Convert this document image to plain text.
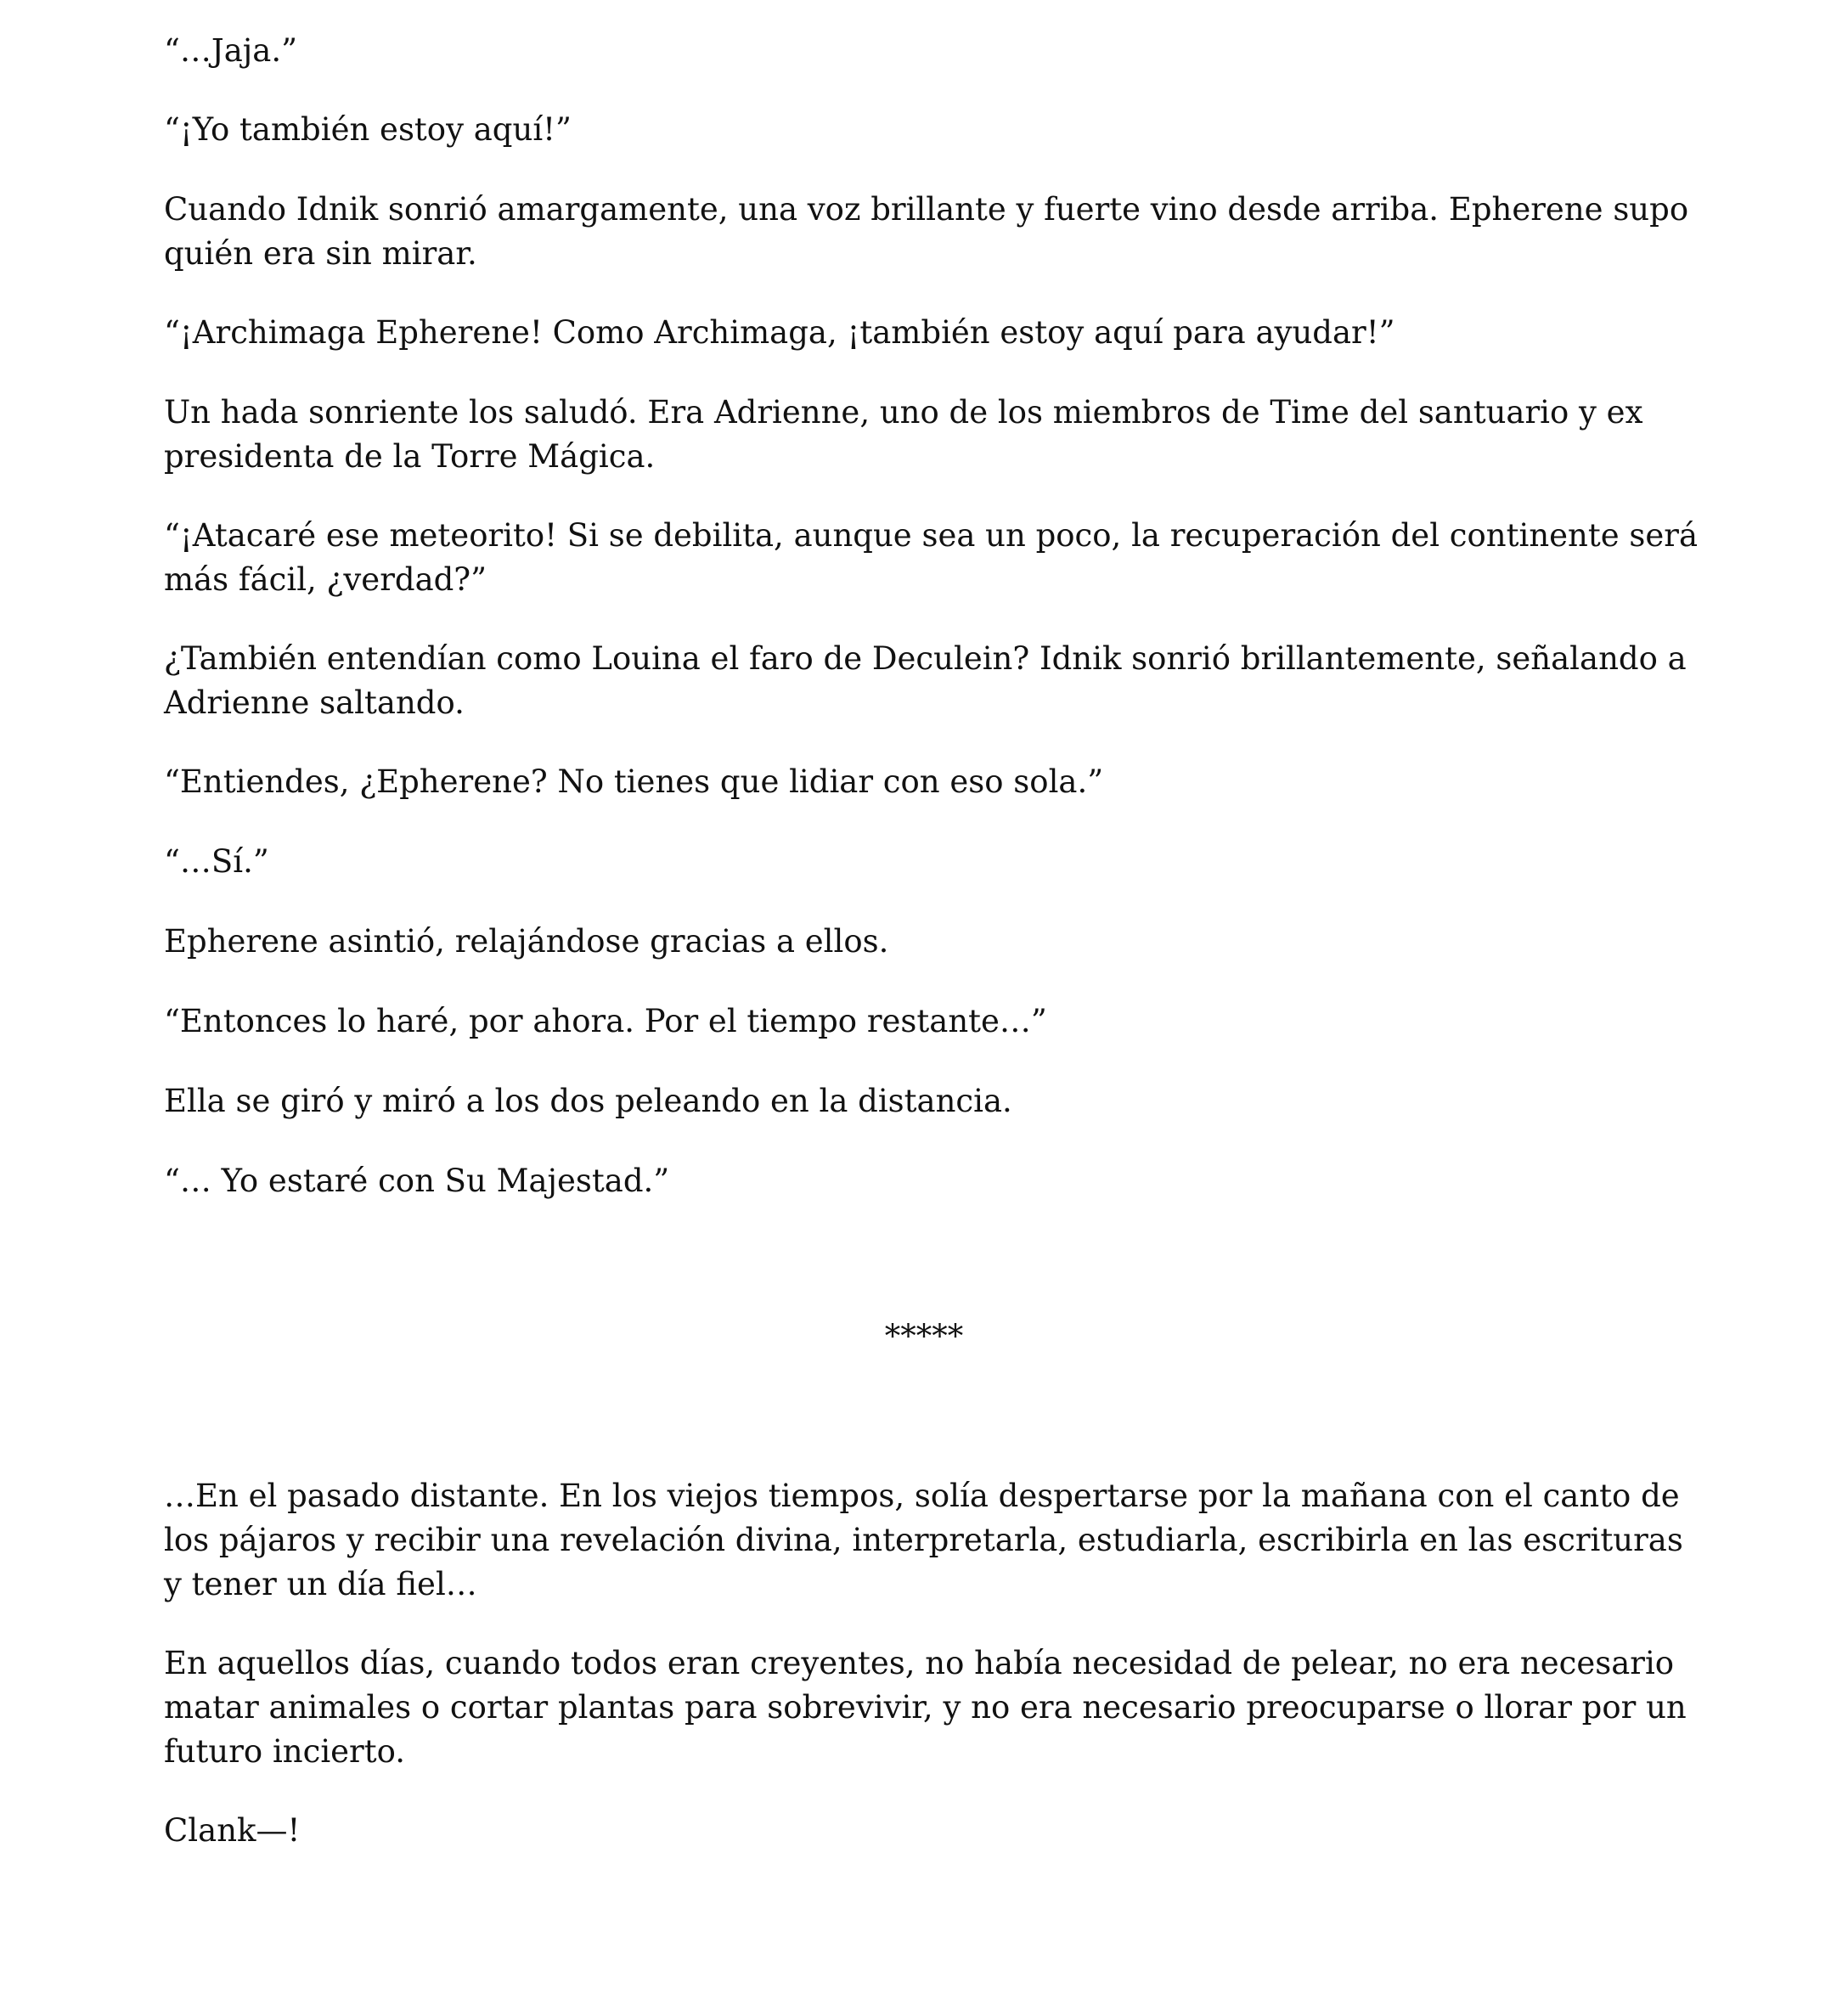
“…Jaja.”

“¡Yo también estoy aquí!”

Cuando Idnik sonrió amargamente, una voz brillante y fuerte vino desde arriba. Epherene supo quién era sin mirar.

“¡Archimaga Epherene! Como Archimaga, ¡también estoy aquí para ayudar!”

Un hada sonriente los saludó. Era Adrienne, uno de los miembros de Time del santuario y ex presidenta de la Torre Mágica.

“¡Atacaré ese meteorito! Si se debilita, aunque sea un poco, la recuperación del continente será más fácil, ¿verdad?”

¿También entendían como Louina el faro de Deculein? Idnik sonrió brillantemente, señalando a Adrienne saltando.

“Entiendes, ¿Epherene? No tienes que lidiar con eso sola.”

“…Sí.”

Epherene asintió, relajándose gracias a ellos.

“Entonces lo haré, por ahora. Por el tiempo restante…”

Ella se giró y miró a los dos peleando en la distancia.

“… Yo estaré con Su Majestad.”

*****

…En el pasado distante. En los viejos tiempos, solía despertarse por la mañana con el canto de los pájaros y recibir una revelación divina, interpretarla, estudiarla, escribirla en las escrituras y tener un día fiel…

En aquellos días, cuando todos eran creyentes, no había necesidad de pelear, no era necesario matar animales o cortar plantas para sobrevivir, y no era necesario preocuparse o llorar por un futuro incierto.

Clank—!
